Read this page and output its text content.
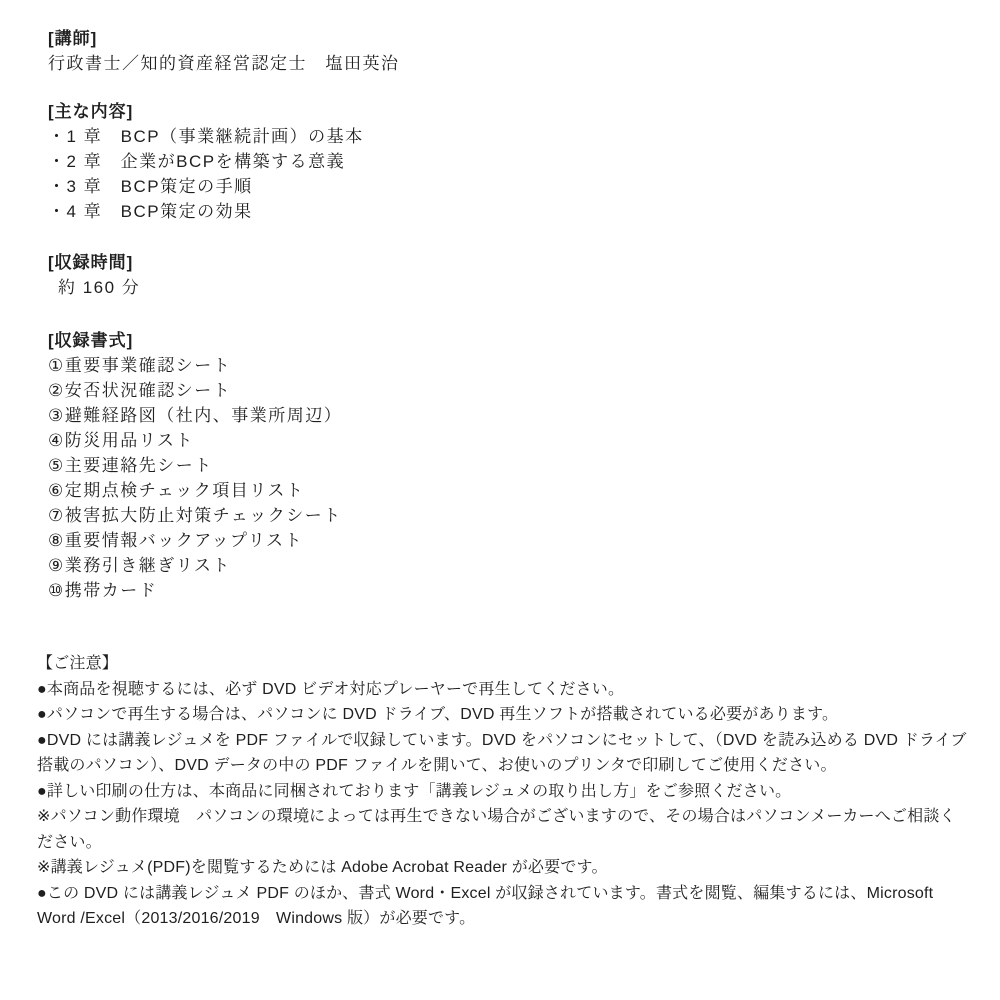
[講師]

行政書士／知的資産経営認定士　塩田英治

[主な内容]
・1 章　BCP（事業継続計画）の基本
・2 章　企業がBCPを構築する意義
・3 章　BCP策定の手順
・4 章　BCP策定の効果
[収録時間]

約 160 分

[収録書式]
①重要事業確認シート
②安否状況確認シート
③避難経路図（社内、事業所周辺）
④防災用品リスト
⑤主要連絡先シート
⑥定期点検チェック項目リスト
⑦被害拡大防止対策チェックシート
⑧重要情報バックアップリスト
⑨業務引き継ぎリスト
⑩携帯カード
【ご注意】

●本商品を視聴するには、必ず DVD ビデオ対応プレーヤーで再生してください。

●パソコンで再生する場合は、パソコンに DVD ドライブ、DVD 再生ソフトが搭載されている必要があります。

●DVD には講義レジュメを PDF ファイルで収録しています。DVD をパソコンにセットして、（DVD を読み込める DVD ドライブ搭載のパソコン）、DVD データの中の PDF ファイルを開いて、お使いのプリンタで印刷してご使用ください。

●詳しい印刷の仕方は、本商品に同梱されております「講義レジュメの取り出し方」をご参照ください。

※パソコン動作環境　パソコンの環境によっては再生できない場合がございますので、その場合はパソコンメーカーへご相談ください。

※講義レジュメ(PDF)を閲覧するためには Adobe Acrobat Reader が必要です。

●この DVD には講義レジュメ PDF のほか、書式 Word・Excel が収録されています。書式を閲覧、編集するには、Microsoft Word /Excel（2013/2016/2019　Windows 版）が必要です。
